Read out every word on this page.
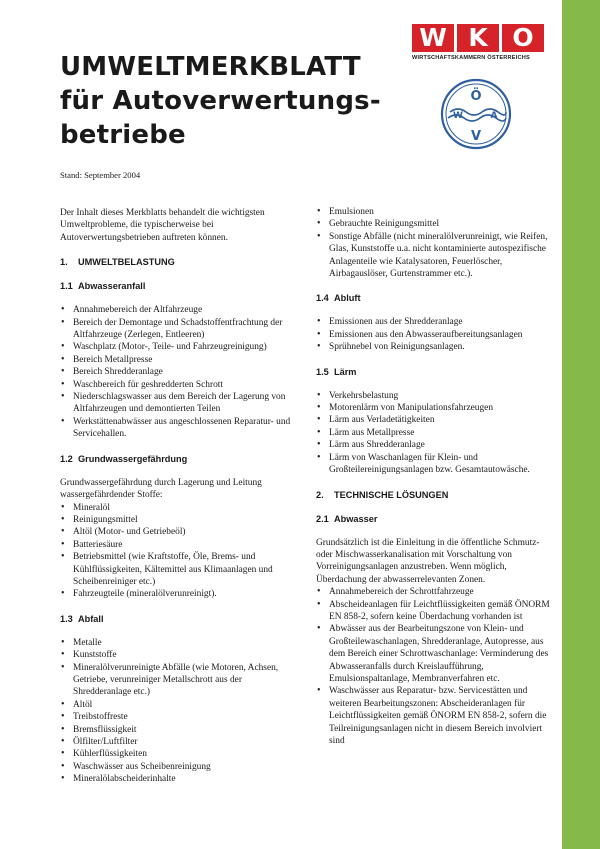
UMWELTMERKBLATT
für Autoverwertungs-
betriebe
Stand: September 2004
W K O
WIRTSCHAFTSKAMMERN ÖSTERREICHS
Ö
W	A
V

Der Inhalt dieses Merkblatts behandelt die wichtigsten Umweltprobleme, die typischerweise bei Autoverwertungsbetrieben auftreten können.

1. UMWELTBELASTUNG
1.1 Abwasseranfall
• Annahmebereich der Altfahrzeuge
• Bereich der Demontage und Schadstoffentfrachtung der Altfahrzeuge (Zerlegen, Entleeren)
• Waschplatz (Motor-, Teile- und Fahrzeugreinigung)
• Bereich Metallpresse
• Bereich Shredderanlage
• Waschbereich für geshredderten Schrott
• Niederschlagswasser aus dem Bereich der Lagerung von Altfahrzeugen und demontierten Teilen
• Werkstättenabwässer aus angeschlossenen Reparatur- und Servicehallen.
1.2 Grundwassergefährdung

Grundwassergefährdung durch Lagerung und Leitung wassergefährdender Stoffe:

• Mineralöl
• Reinigungsmittel
• Altöl (Motor- und Getriebeöl)
• Batteriesäure
• Betriebsmittel (wie Kraftstoffe, Öle, Brems- und Kühlflüssigkeiten, Kältemittel aus Klimaanlagen und Scheibenreiniger etc.)
• Fahrzeugteile (mineralölverunreinigt).
1.3 Abfall
• Metalle
• Kunststoffe
• Mineralölverunreinigte Abfälle (wie Motoren, Achsen, Getriebe, verunreiniger Metallschrott aus der Shredderanlage etc.)
• Altöl
• Treibstoffreste
• Bremsflüssigkeit
• Ölfilter/Luftfilter
• Kühlerflüssigkeiten
• Waschwässer aus Scheibenreinigung
• Mineralölabscheiderinhalte
• Emulsionen
• Gebrauchte Reinigungsmittel
• Sonstige Abfälle (nicht mineralölverunreinigt, wie Reifen, Glas, Kunststoffe u.a. nicht kontaminierte autospezifische Anlagenteile wie Katalysatoren, Feuerlöscher, Airbagauslöser, Gurtenstrammer etc.).
1.4 Abluft
• Emissionen aus der Shredderanlage
• Emissionen aus den Abwasseraufbereitungsanlagen
• Sprühnebel von Reinigungsanlagen.
1.5 Lärm
• Verkehrsbelastung
• Motorenlärm von Manipulationsfahrzeugen
• Lärm aus Verladetätigkeiten
• Lärm aus Metallpresse
• Lärm aus Shredderanlage
• Lärm von Waschanlagen für Klein- und Großteilereinigungsanlagen bzw. Gesamtautowäsche.
2. TECHNISCHE LÖSUNGEN
2.1 Abwasser

Grundsätzlich ist die Einleitung in die öffentliche Schmutz- oder Mischwasserkanalisation mit Vorschaltung von Vorreinigungsanlagen anzustreben. Wenn möglich, Überdachung der abwasserrelevanten Zonen.

• Annahmebereich der Schrottfahrzeuge
• Abscheideanlagen für Leichtflüssigkeiten gemäß ÖNORM EN 858-2, sofern keine Überdachung vorhanden ist
• Abwässer aus der Bearbeitungszone von Klein- und Großteilewaschanlagen, Shredderanlage, Autopresse, aus dem Bereich einer Schrottwaschanlage: Verminderung des Abwasseranfalls durch Kreislaufführung, Emulsionspaltanlage, Membranverfahren etc.
• Waschwässer aus Reparatur- bzw. Servicestätten und weiteren Bearbeitungszonen: Abscheideranlagen für Leichtflüssigkeiten gemäß ÖNORM EN 858-2, sofern die Teilreinigungsanlagen nicht in diesem Bereich involviert sind
